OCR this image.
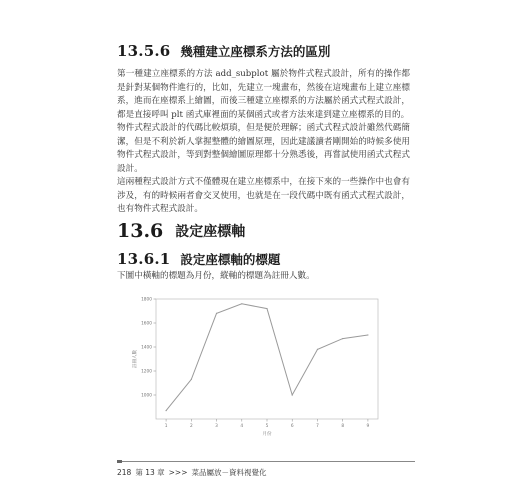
13.5.6 幾種建立座標系方法的區別

第一種建立座標系的方法 add_subplot 屬於物件式程式設計，所有的操作都是針對某個物件進行的，比如，先建立一塊畫布，然後在這塊畫布上建立座標系，進而在座標系上繪圖，而後三種建立座標系的方法屬於函式式程式設計，都是直接呼叫 plt 函式庫裡面的某個函式或者方法來達到建立座標系的目的。

物件式程式設計的代碼比較煩瑣，但是便於理解；函式式程式設計雖然代碼簡潔，但是不利於新人掌握整體的繪圖原理，因此建議讀者剛開始的時候多使用物件式程式設計，等到對整個繪圖原理都十分熟悉後，再嘗試使用函式式程式設計。

這兩種程式設計方式不僅體現在建立座標系中，在接下來的一些操作中也會有涉及，有的時候兩者會交叉使用，也就是在一段代碼中既有函式式程式設計，也有物件式程式設計。

13.6 設定座標軸
13.6.1 設定座標軸的標題

下圖中橫軸的標題為月份，縱軸的標題為註冊人數。

1000
1200
1400
1600
1800
1	2	3	4	5	6	7	8	9
月份
註冊人數
218 第 13 章 >>> 菜品屬放－資料視覺化
